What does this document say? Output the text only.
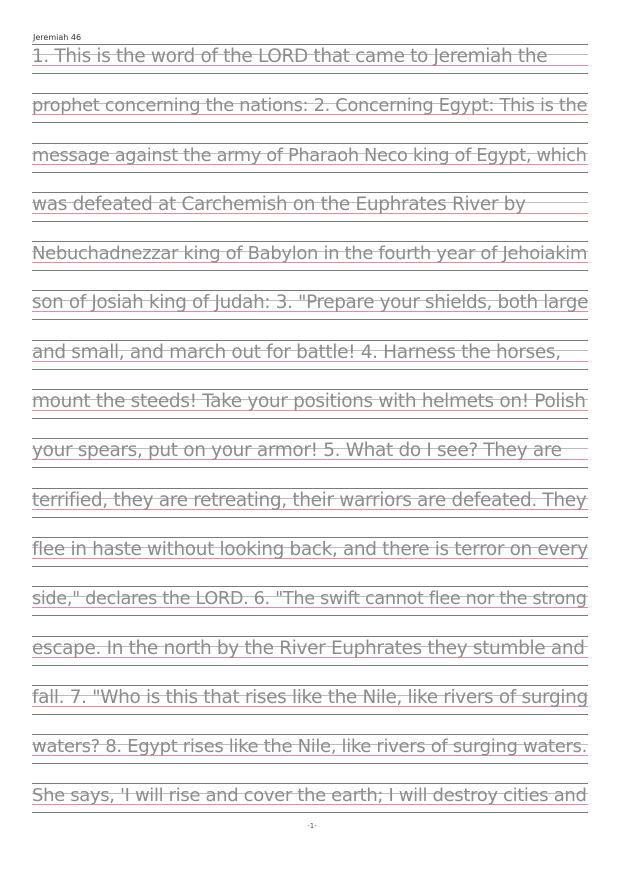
Jeremiah 46
1. This is the word of the LORD that came to Jeremiah the
prophet concerning the nations: 2. Concerning Egypt: This is the
message against the army of Pharaoh Neco king of Egypt, which
was defeated at Carchemish on the Euphrates River by
Nebuchadnezzar king of Babylon in the fourth year of Jehoiakim
son of Josiah king of Judah: 3. "Prepare your shields, both large
and small, and march out for battle! 4. Harness the horses,
mount the steeds! Take your positions with helmets on! Polish
your spears, put on your armor! 5. What do I see? They are
terrified, they are retreating, their warriors are defeated. They
flee in haste without looking back, and there is terror on every
side," declares the LORD. 6. "The swift cannot flee nor the strong
escape. In the north by the River Euphrates they stumble and
fall. 7. "Who is this that rises like the Nile, like rivers of surging
waters? 8. Egypt rises like the Nile, like rivers of surging waters.
She says, 'I will rise and cover the earth; I will destroy cities and
-1-
